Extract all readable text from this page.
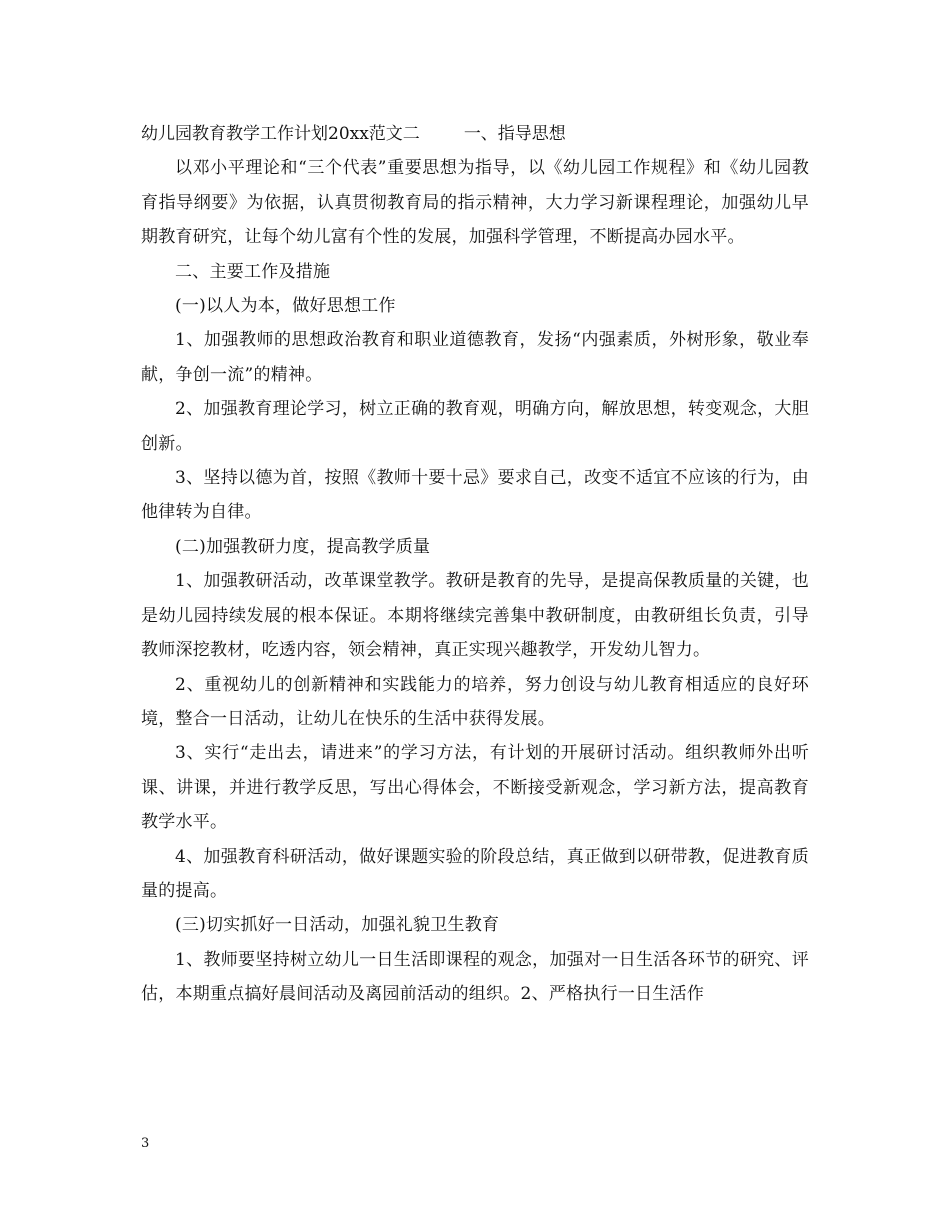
幼儿园教育教学工作计划20xx范文二	一、指导思想

以邓小平理论和“三个代表”重要思想为指导，以《幼儿园工作规程》和《幼儿园教育指导纲要》为依据，认真贯彻教育局的指示精神，大力学习新课程理论，加强幼儿早期教育研究，让每个幼儿富有个性的发展，加强科学管理，不断提高办园水平。

二、主要工作及措施

(一)以人为本，做好思想工作

1、加强教师的思想政治教育和职业道德教育，发扬“内强素质，外树形象，敬业奉献，争创一流”的精神。

2、加强教育理论学习，树立正确的教育观，明确方向，解放思想，转变观念，大胆创新。

3、坚持以德为首，按照《教师十要十忌》要求自己，改变不适宜不应该的行为，由他律转为自律。

(二)加强教研力度，提高教学质量

1、加强教研活动，改革课堂教学。教研是教育的先导，是提高保教质量的关键，也是幼儿园持续发展的根本保证。本期将继续完善集中教研制度，由教研组长负责，引导教师深挖教材，吃透内容，领会精神，真正实现兴趣教学，开发幼儿智力。

2、重视幼儿的创新精神和实践能力的培养，努力创设与幼儿教育相适应的良好环境，整合一日活动，让幼儿在快乐的生活中获得发展。

3、实行“走出去，请进来”的学习方法，有计划的开展研讨活动。组织教师外出听课、讲课，并进行教学反思，写出心得体会，不断接受新观念，学习新方法，提高教育教学水平。

4、加强教育科研活动，做好课题实验的阶段总结，真正做到以研带教，促进教育质量的提高。

(三)切实抓好一日活动，加强礼貌卫生教育

1、教师要坚持树立幼儿一日生活即课程的观念，加强对一日生活各环节的研究、评估，本期重点搞好晨间活动及离园前活动的组织。2、严格执行一日生活作

3
